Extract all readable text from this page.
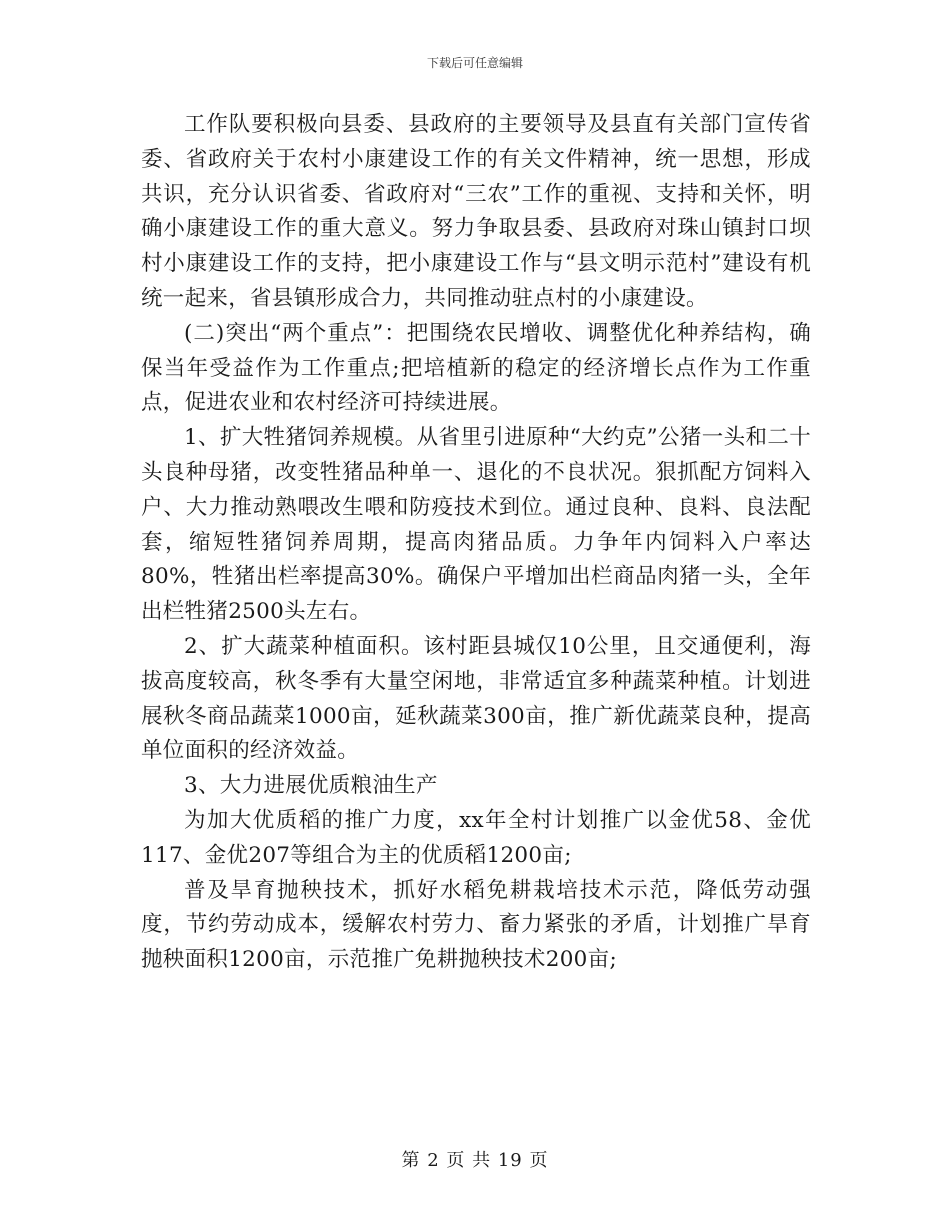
下载后可任意编辑

工作队要积极向县委、县政府的主要领导及县直有关部门宣传省委、省政府关于农村小康建设工作的有关文件精神，统一思想，形成共识，充分认识省委、省政府对“三农”工作的重视、支持和关怀，明确小康建设工作的重大意义。努力争取县委、县政府对珠山镇封口坝村小康建设工作的支持，把小康建设工作与“县文明示范村”建设有机统一起来，省县镇形成合力，共同推动驻点村的小康建设。

(二)突出“两个重点”：把围绕农民增收、调整优化种养结构，确保当年受益作为工作重点;把培植新的稳定的经济增长点作为工作重点，促进农业和农村经济可持续进展。

1、扩大牲猪饲养规模。从省里引进原种“大约克”公猪一头和二十头良种母猪，改变牲猪品种单一、退化的不良状况。狠抓配方饲料入户、大力推动熟喂改生喂和防疫技术到位。通过良种、良料、良法配套，缩短牲猪饲养周期，提高肉猪品质。力争年内饲料入户率达80%，牲猪出栏率提高30%。确保户平增加出栏商品肉猪一头，全年出栏牲猪2500头左右。

2、扩大蔬菜种植面积。该村距县城仅10公里，且交通便利，海拔高度较高，秋冬季有大量空闲地，非常适宜多种蔬菜种植。计划进展秋冬商品蔬菜1000亩，延秋蔬菜300亩，推广新优蔬菜良种，提高单位面积的经济效益。

3、大力进展优质粮油生产

为加大优质稻的推广力度，xx年全村计划推广以金优58、金优117、金优207等组合为主的优质稻1200亩;

普及旱育抛秧技术，抓好水稻免耕栽培技术示范，降低劳动强度，节约劳动成本，缓解农村劳力、畜力紧张的矛盾，计划推广旱育抛秧面积1200亩，示范推广免耕抛秧技术200亩;

第 2 页 共 19 页
